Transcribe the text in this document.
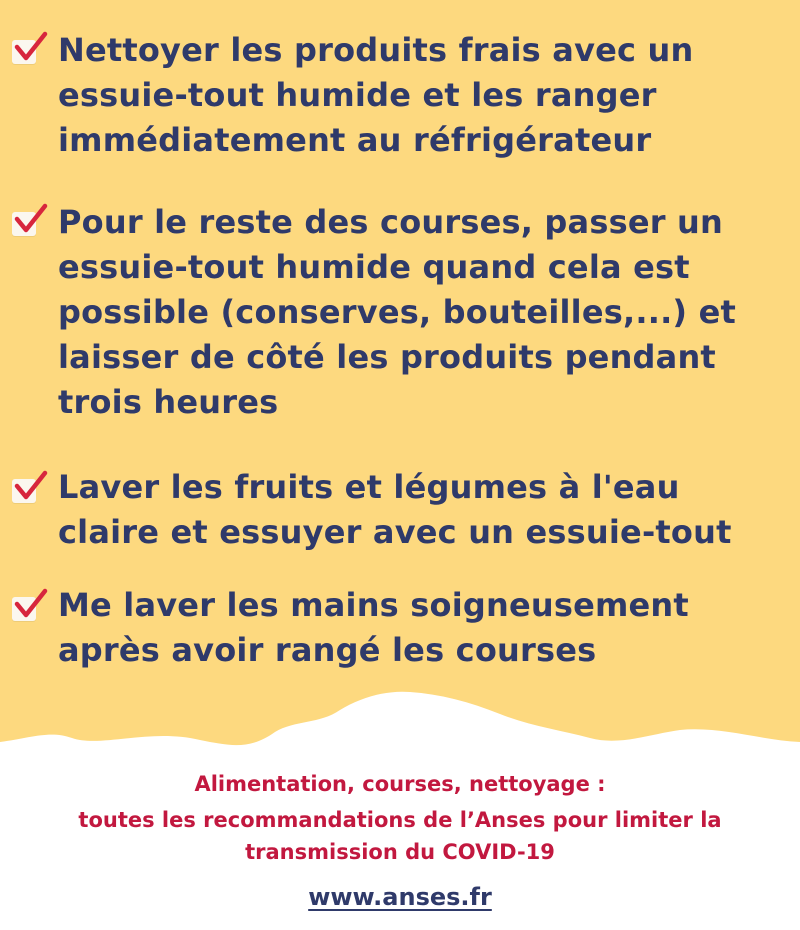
Nettoyer les produits frais avec un essuie-tout humide et les ranger immédiatement au réfrigérateur

Pour le reste des courses, passer un essuie-tout humide quand cela est possible (conserves, bouteilles,...) et laisser de côté les produits pendant trois heures

Laver les fruits et légumes à l'eau claire et essuyer avec un essuie-tout

Me laver les mains soigneusement après avoir rangé les courses

Alimentation, courses, nettoyage :

toutes les recommandations de l’Anses pour limiter la

transmission du COVID-19

www.anses.fr
